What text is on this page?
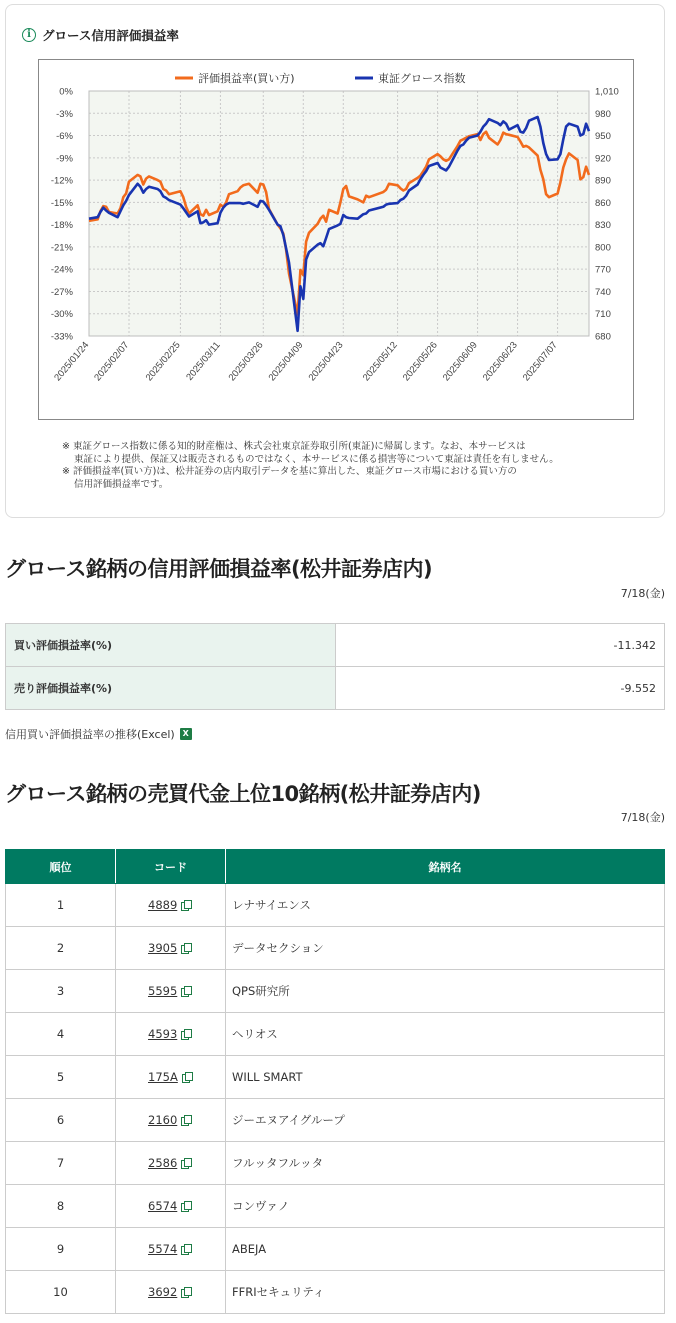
i グロース信用評価損益率
0%	1,010
-3%	980
-6%	950
-9%	920
-12%	890
-15%	860
-18%	830
-21%	800
-24%	770
-27%	740
-30%	710
-33%	680
2025/01/24 2025/02/07 2025/02/25 2025/03/11 2025/03/26 2025/04/09 2025/04/23 2025/05/12 2025/05/26 2025/06/09 2025/06/23 2025/07/07
評価損益率(買い方)	東証グロース指数
※ 東証グロース指数に係る知的財産権は、株式会社東京証券取引所(東証)に帰属します。なお、本サービスは
東証により提供、保証又は販売されるものではなく、本サービスに係る損害等について東証は責任を有しません。
※ 評価損益率(買い方)は、松井証券の店内取引データを基に算出した、東証グロース市場における買い方の
信用評価損益率です。
グロース銘柄の信用評価損益率(松井証券店内)
7/18(金)
買い評価損益率(%)	-11.342
売り評価損益率(%)	-9.552
信用買い評価損益率の推移(Excel) X
グロース銘柄の売買代金上位10銘柄(松井証券店内)
7/18(金)
順位	コード	銘柄名
1	4889	レナサイエンス
2	3905	データセクション
3	5595	QPS研究所
4	4593	ヘリオス
5	175A	WILL SMART
6	2160	ジーエヌアイグループ
7	2586	フルッタフルッタ
8	6574	コンヴァノ
9	5574	ABEJA
10	3692	FFRIセキュリティ
